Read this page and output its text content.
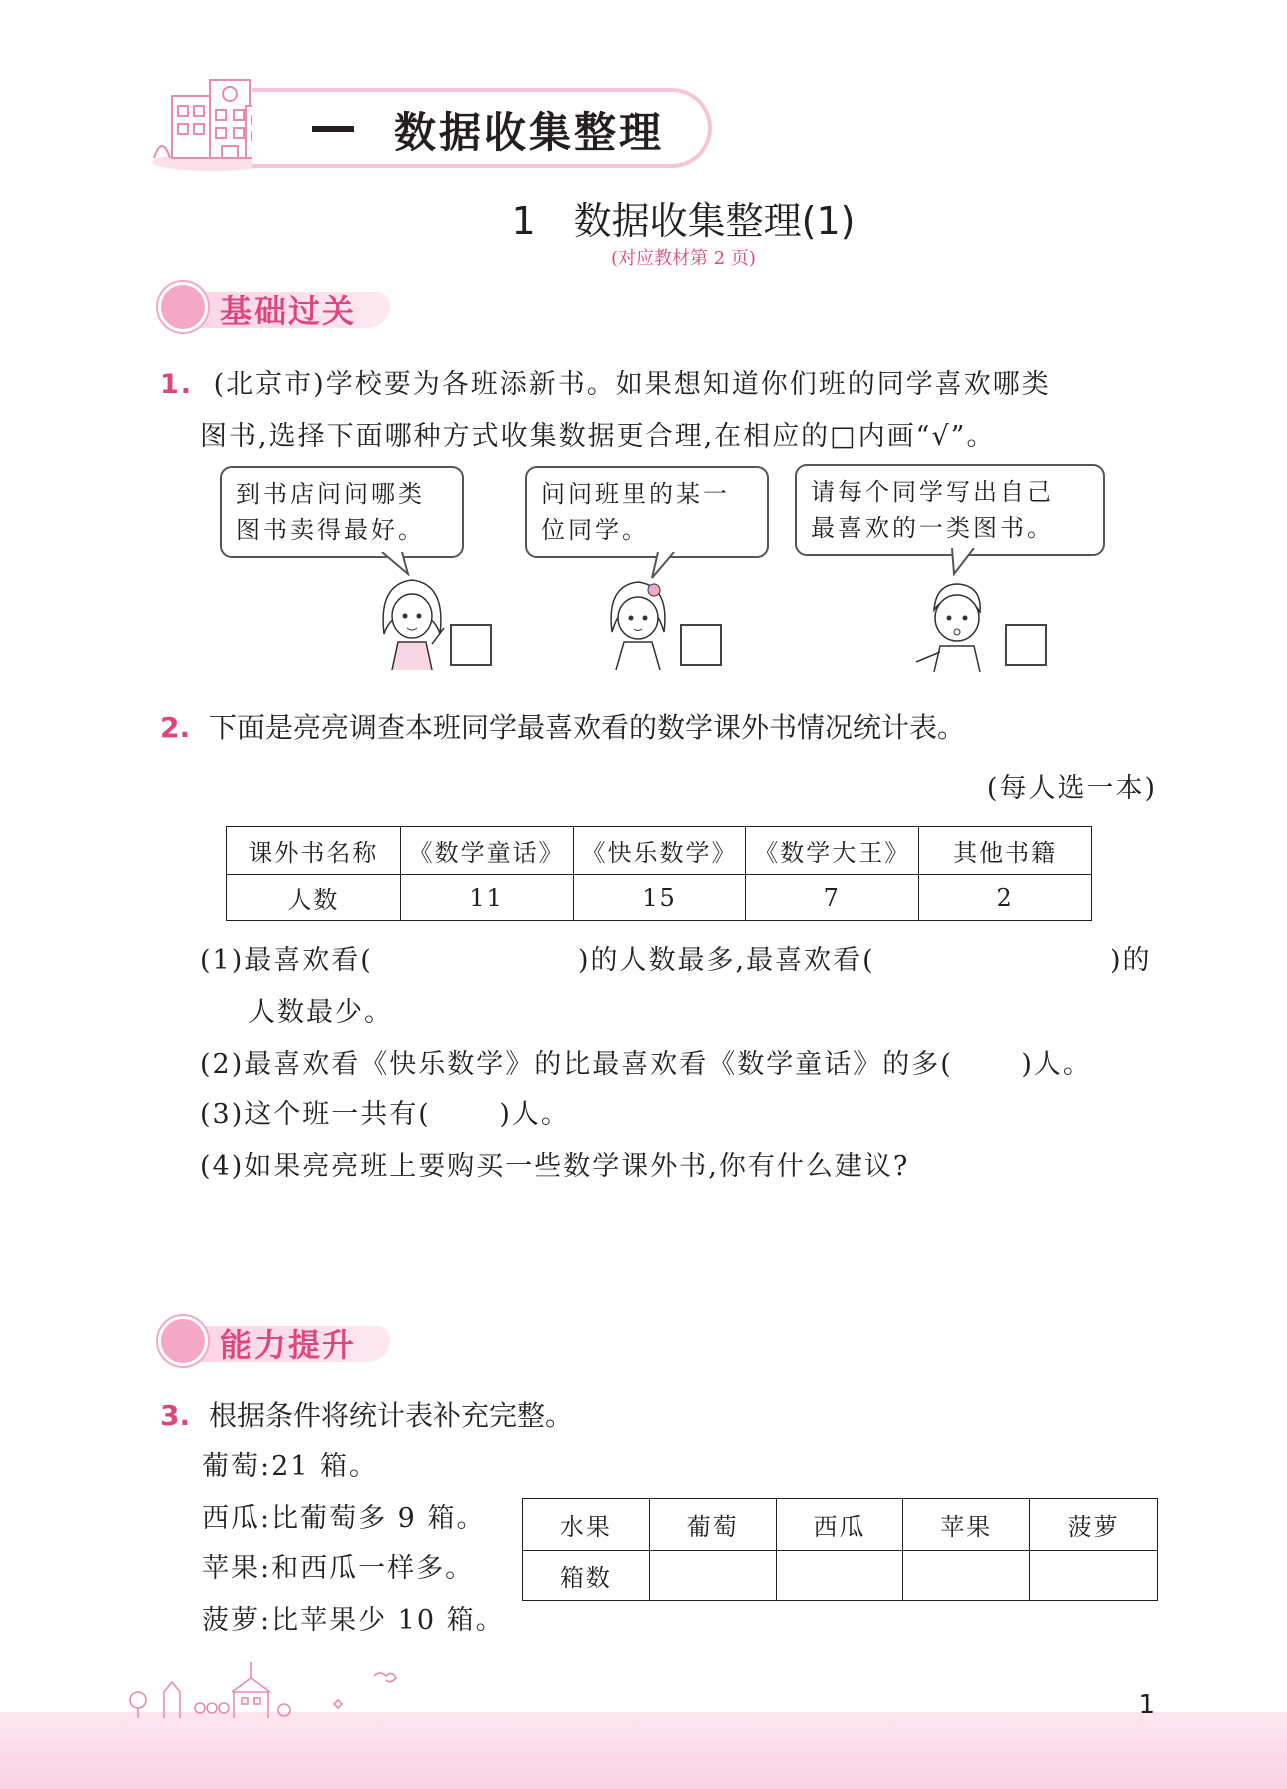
数据收集整理
1　数据收集整理(1)
(对应教材第 2 页)
基础过关
1. (北京市)学校要为各班添新书。如果想知道你们班的同学喜欢哪类
图书,选择下面哪种方式收集数据更合理,在相应的□内画“√”。
到书店问问哪类
图书卖得最好。
问问班里的某一
位同学。
请每个同学写出自己
最喜欢的一类图书。
2. 下面是亮亮调查本班同学最喜欢看的数学课外书情况统计表。
(每人选一本)
课外书名称	《数学童话》	《快乐数学》	《数学大王》	其他书籍
人数	11	15	7	2
(1)最喜欢看(	)的人数最多,最喜欢看(	)的
人数最少。
(2)最喜欢看《快乐数学》的比最喜欢看《数学童话》的多(　　 )人。
(3)这个班一共有(　　 )人。
(4)如果亮亮班上要购买一些数学课外书,你有什么建议?
能力提升
3. 根据条件将统计表补充完整。
葡萄:21 箱。
西瓜:比葡萄多 9 箱。
苹果:和西瓜一样多。
菠萝:比苹果少 10 箱。
水果	葡萄	西瓜	苹果	菠萝
箱数				
1
